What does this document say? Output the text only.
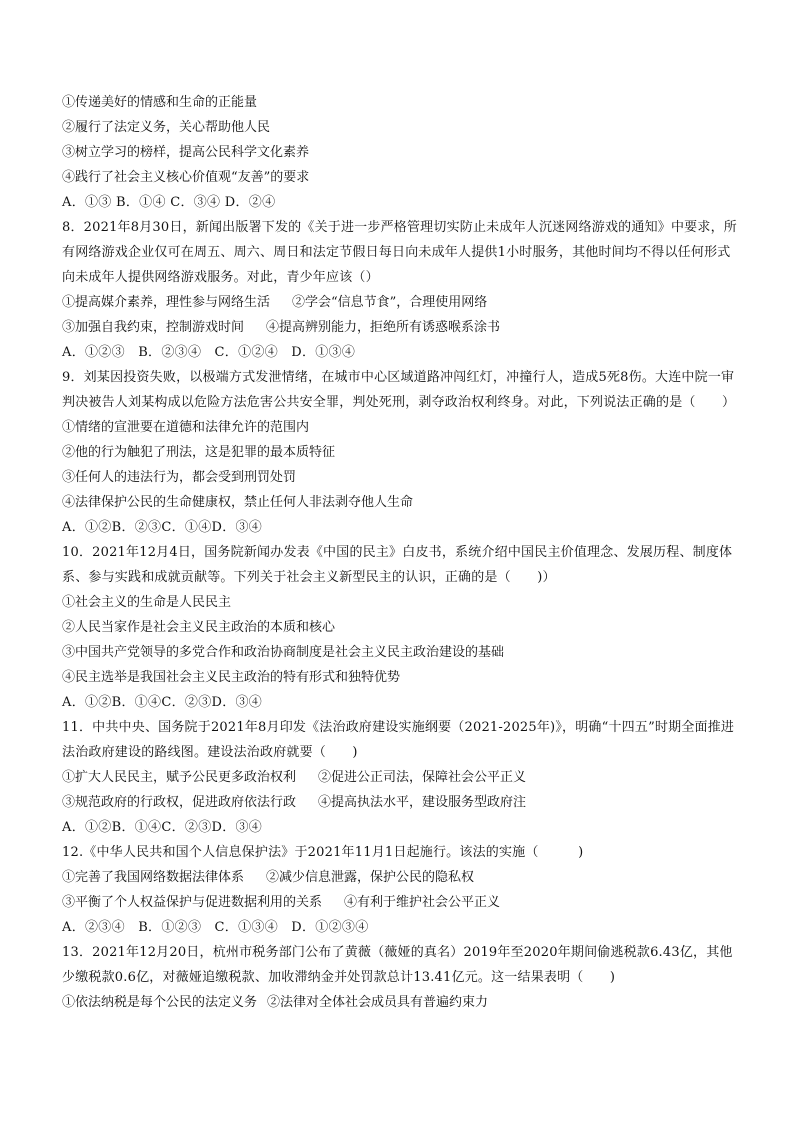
①传递美好的情感和生命的正能量
②履行了法定义务，关心帮助他人民
③树立学习的榜样，提高公民科学文化素养
④践行了社会主义核心价值观“友善”的要求
A．①③ B．①④ C．③④ D．②④
8．2021年8月30日，新闻出版署下发的《关于进一步严格管理切实防止未成年人沉迷网络游戏的通知》中要求，所有网络游戏企业仅可在周五、周六、周日和法定节假日每日向未成年人提供1小时服务，其他时间均不得以任何形式向未成年人提供网络游戏服务。对此，青少年应该（）
①提高媒介素养，理性参与网络生活 ②学会“信息节食”，合理使用网络
③加强自我约束，控制游戏时间 ④提高辨别能力，拒绝所有诱惑喉系涂书
A．①②③　B．②③④　C．①②④　D．①③④
9．刘某因投资失败，以极端方式发泄情绪，在城市中心区域道路冲闯红灯，冲撞行人，造成5死8伤。大连中院一审判决被告人刘某构成以危险方法危害公共安全罪，判处死刑，剥夺政治权利终身。对此，下列说法正确的是（　　）
①情绪的宣泄要在道德和法律允许的范围内
②他的行为触犯了刑法，这是犯罪的最本质特征
③任何人的违法行为，都会受到刑罚处罚
④法律保护公民的生命健康权，禁止任何人非法剥夺他人生命
A．①②B．②③C．①④D．③④
10．2021年12月4日，国务院新闻办发表《中国的民主》白皮书，系统介绍中国民主价值理念、发展历程、制度体系、参与实践和成就贡献等。下列关于社会主义新型民主的认识，正确的是（　　)）
①社会主义的生命是人民民主
②人民当家作是社会主义民主政治的本质和核心
③中国共产党领导的多党合作和政治协商制度是社会主义民主政治建设的基础
④民主选举是我国社会主义民主政治的特有形式和独特优势
A．①②B．①④C．②③D．③④
11．中共中央、国务院于2021年8月印发《法治政府建设实施纲要（2021-2025年)》，明确“十四五”时期全面推进法治政府建设的路线图。建设法治政府就要（　　)
①扩大人民民主，赋予公民更多政治权利 ②促进公正司法，保障社会公平正义
③规范政府的行政权，促进政府依法行政 ④提高执法水平，建设服务型政府注
A．①②B．①④C．②③D．③④
12.《中华人民共和国个人信息保护法》于2021年11月1日起施行。该法的实施（　　　)
①完善了我国网络数据法律体系 ②减少信息泄露，保护公民的隐私权
③平衡了个人权益保护与促进数据利用的关系 ④有利于维护社会公平正义
A．②③④　B．①②③　C．①③④　D．①②③④
13．2021年12月20日，杭州市税务部门公布了黄薇（薇娅的真名）2019年至2020年期间偷逃税款6.43亿，其他少缴税款0.6亿，对薇娅追缴税款、加收滞纳金并处罚款总计13.41亿元。这一结果表明（　　)
①依法纳税是每个公民的法定义务 ②法律对全体社会成员具有普遍约束力
